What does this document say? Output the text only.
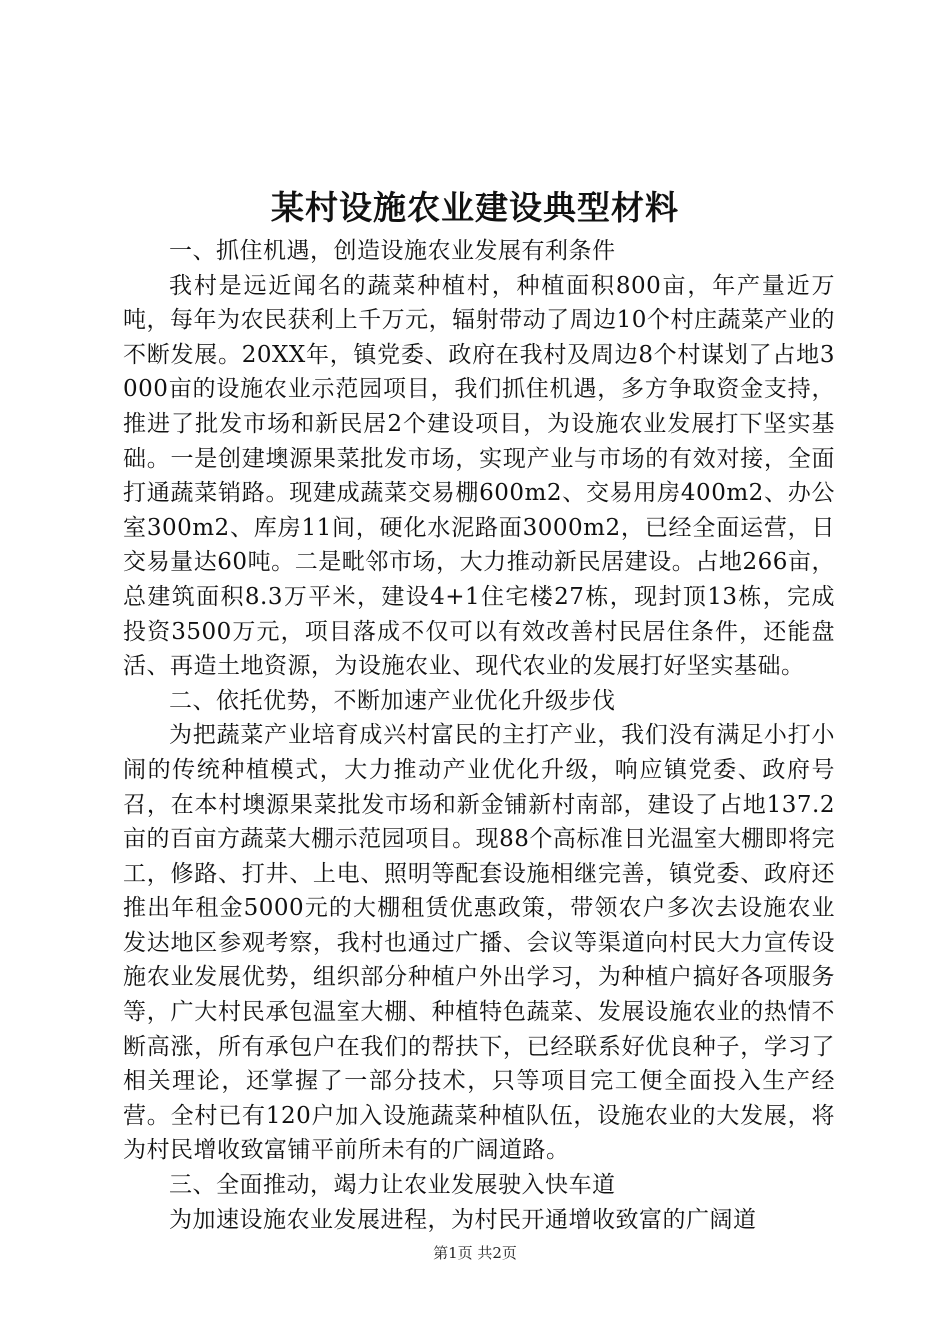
某村设施农业建设典型材料

一、抓住机遇，创造设施农业发展有利条件

我村是远近闻名的蔬菜种植村，种植面积800亩，年产量近万吨，每年为农民获利上千万元，辐射带动了周边10个村庄蔬菜产业的不断发展。20XX年，镇党委、政府在我村及周边8个村谋划了占地3000亩的设施农业示范园项目，我们抓住机遇，多方争取资金支持，推进了批发市场和新民居2个建设项目，为设施农业发展打下坚实基础。一是创建墺源果菜批发市场，实现产业与市场的有效对接，全面打通蔬菜销路。现建成蔬菜交易棚600m2、交易用房400m2、办公室300m2、库房11间，硬化水泥路面3000m2，已经全面运营，日交易量达60吨。二是毗邻市场，大力推动新民居建设。占地266亩，总建筑面积8.3万平米，建设4+1住宅楼27栋，现封顶13栋，完成投资3500万元，项目落成不仅可以有效改善村民居住条件，还能盘活、再造土地资源，为设施农业、现代农业的发展打好坚实基础。

二、依托优势，不断加速产业优化升级步伐

为把蔬菜产业培育成兴村富民的主打产业，我们没有满足小打小闹的传统种植模式，大力推动产业优化升级，响应镇党委、政府号召，在本村墺源果菜批发市场和新金铺新村南部，建设了占地137.2亩的百亩方蔬菜大棚示范园项目。现88个高标准日光温室大棚即将完工，修路、打井、上电、照明等配套设施相继完善，镇党委、政府还推出年租金5000元的大棚租赁优惠政策，带领农户多次去设施农业发达地区参观考察，我村也通过广播、会议等渠道向村民大力宣传设施农业发展优势，组织部分种植户外出学习，为种植户搞好各项服务等，广大村民承包温室大棚、种植特色蔬菜、发展设施农业的热情不断高涨，所有承包户在我们的帮扶下，已经联系好优良种子，学习了相关理论，还掌握了一部分技术，只等项目完工便全面投入生产经营。全村已有120户加入设施蔬菜种植队伍，设施农业的大发展，将为村民增收致富铺平前所未有的广阔道路。

三、全面推动，竭力让农业发展驶入快车道

为加速设施农业发展进程，为村民开通增收致富的广阔道

第1页 共2页
